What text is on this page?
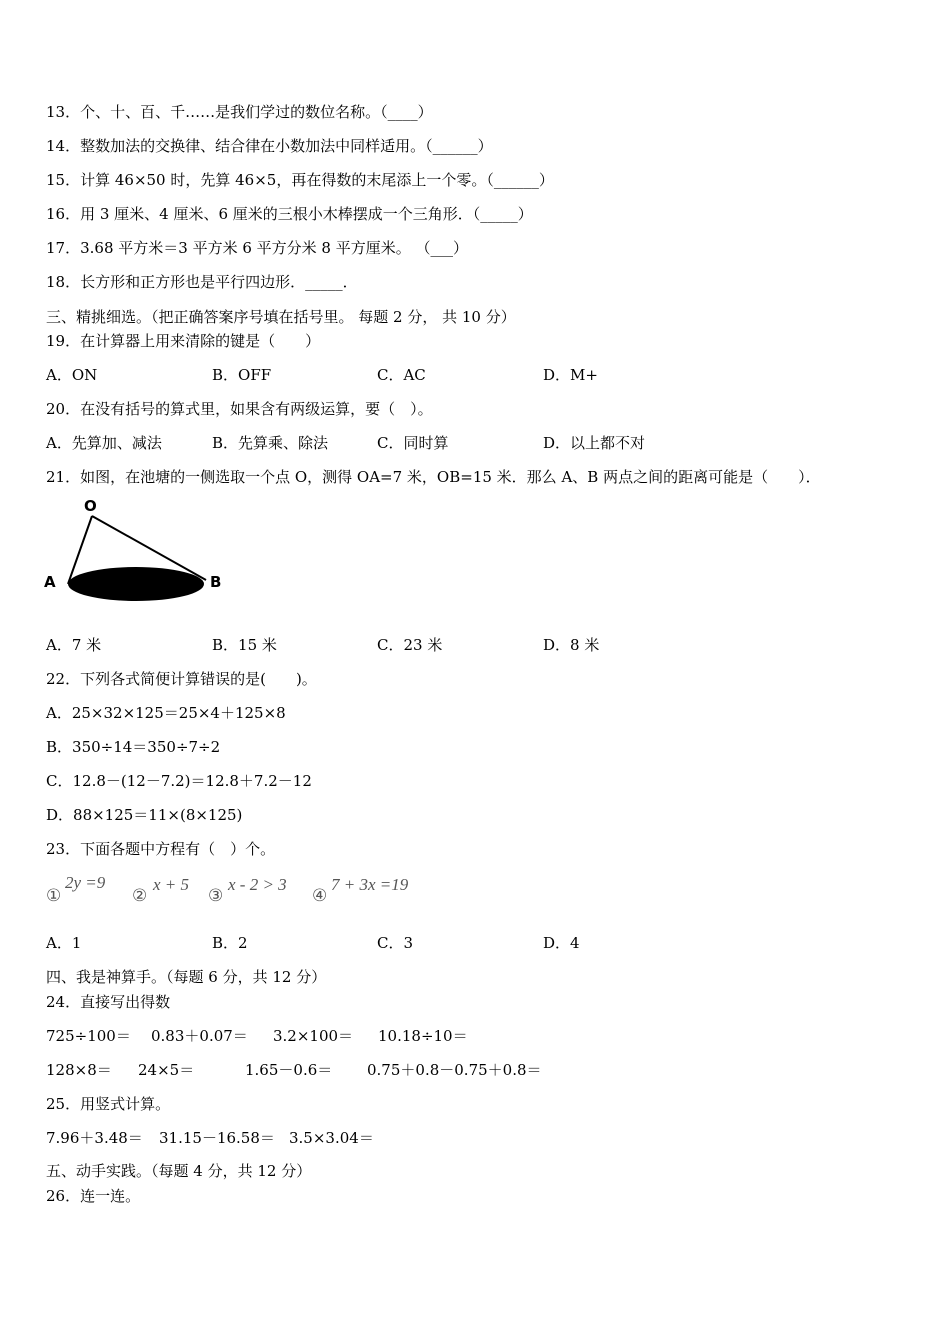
13．个、十、百、千……是我们学过的数位名称。（____）
14．整数加法的交换律、结合律在小数加法中同样适用。（______）
15．计算 46×50 时，先算 46×5，再在得数的末尾添上一个零。（______）
16．用 3 厘米、4 厘米、6 厘米的三根小木棒摆成一个三角形．（_____）
17．3.68 平方米＝3 平方米 6 平方分米 8 平方厘米。 （___）
18．长方形和正方形也是平行四边形．_____．
三、精挑细选。（把正确答案序号填在括号里。 每题 2 分， 共 10 分）
19．在计算器上用来清除的键是（　　）
A．ON	B．OFF	C．AC	D．M+
20．在没有括号的算式里，如果含有两级运算，要（　）。
A．先算加、减法	B．先算乘、除法	C．同时算	D．以上都不对
21．如图，在池塘的一侧选取一个点 O，测得 OA=7 米，OB=15 米．那么 A、B 两点之间的距离可能是（　　）．
O
A	B
A．7 米	B．15 米	C．23 米	D．8 米
22．下列各式简便计算错误的是(　　)。
A．25×32×125＝25×4＋125×8
B．350÷14＝350÷7÷2
C．12.8－(12－7.2)＝12.8＋7.2－12
D．88×125＝11×(8×125)
23．下面各题中方程有（　）个。
①
2y =9
②
x + 5
③
x - 2 > 3
④
7 + 3x =19
A．1	B．2	C．3	D．4
四、我是神算手。（每题 6 分，共 12 分）
24．直接写出得数
725÷100＝ 0.83＋0.07＝ 3.2×100＝ 10.18÷10＝
128×8＝ 24×5＝	1.65－0.6＝ 0.75＋0.8－0.75＋0.8＝
25．用竖式计算。
7.96＋3.48＝ 31.15－16.58＝ 3.5×3.04＝
五、动手实践。（每题 4 分，共 12 分）
26．连一连。
